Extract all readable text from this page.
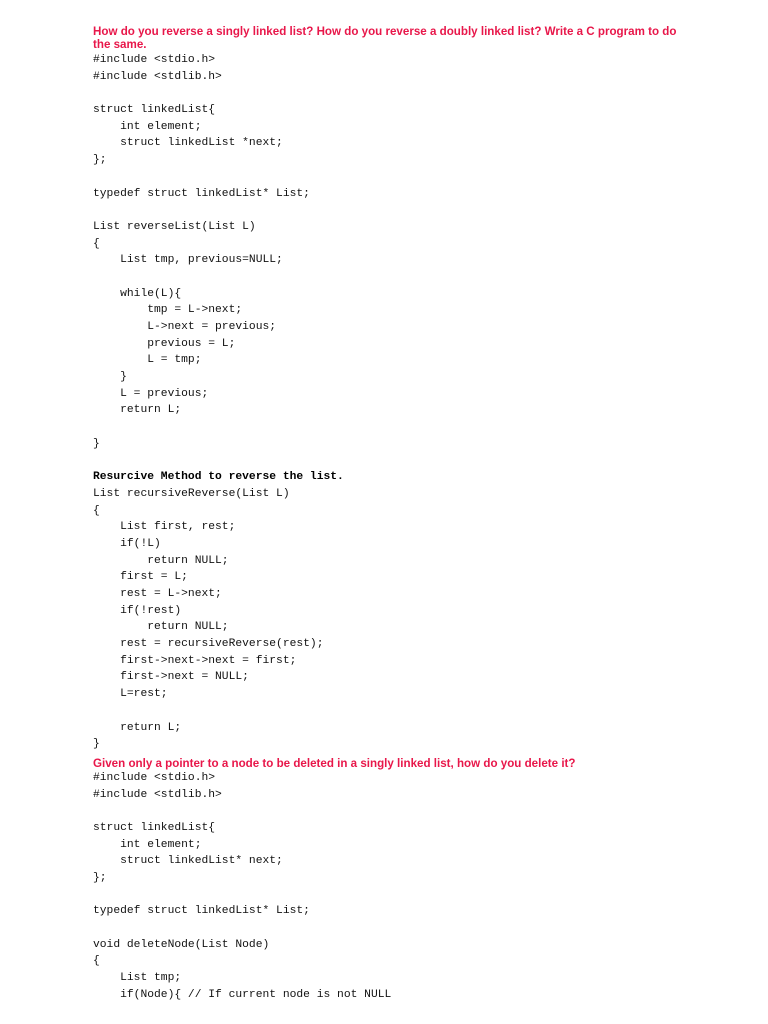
How do you reverse a singly linked list? How do you reverse a doubly linked list? Write a C program to do the same.

#include <stdio.h>
#include <stdlib.h>
struct linkedList{
int element;
struct linkedList *next;
};
typedef struct linkedList* List;
List reverseList(List L)
{
List tmp, previous=NULL;
while(L){
tmp = L->next;
L->next = previous;
previous = L;
L = tmp;
}
L = previous;
return L;
}
Resurcive Method to reverse the list.
List recursiveReverse(List L)
{
List first, rest;
if(!L)
return NULL;
first = L;
rest = L->next;
if(!rest)
return NULL;
rest = recursiveReverse(rest);
first->next->next = first;
first->next = NULL;
L=rest;
return L;
}

Given only a pointer to a node to be deleted in a singly linked list, how do you delete it?

#include <stdio.h>
#include <stdlib.h>
struct linkedList{
int element;
struct linkedList* next;
};
typedef struct linkedList* List;
void deleteNode(List Node)
{
List tmp;
if(Node){ // If current node is not NULL
